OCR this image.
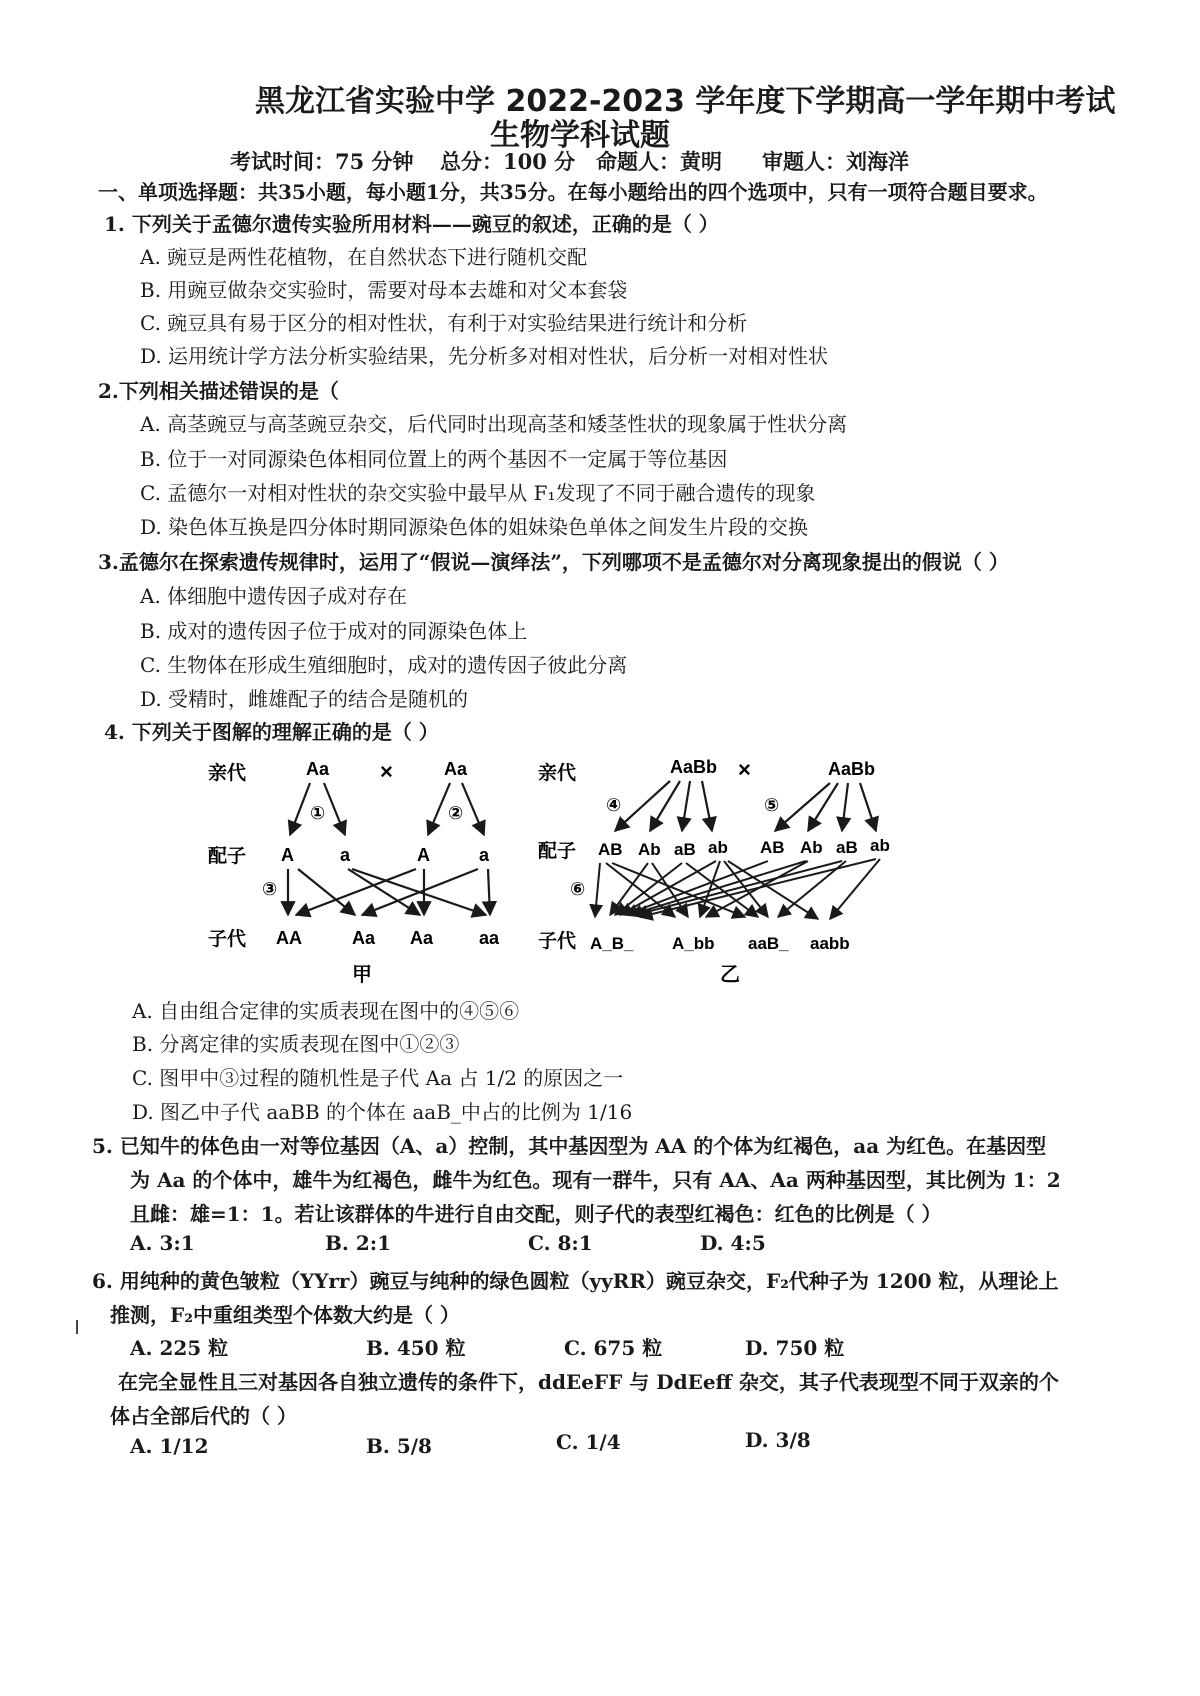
黑龙江省实验中学 2022-2023 学年度下学期高一学年期中考试
生物学科试题
考试时间：75 分钟 总分：100 分 命题人：黄明 审题人：刘海洋
一、单项选择题：共35小题，每小题1分，共35分。在每小题给出的四个选项中，只有一项符合题目要求。
1. 下列关于孟德尔遗传实验所用材料——豌豆的叙述，正确的是（ ）
A. 豌豆是两性花植物，在自然状态下进行随机交配
B. 用豌豆做杂交实验时，需要对母本去雄和对父本套袋
C. 豌豆具有易于区分的相对性状，有利于对实验结果进行统计和分析
D. 运用统计学方法分析实验结果，先分析多对相对性状，后分析一对相对性状
2.下列相关描述错误的是（
A. 高茎豌豆与高茎豌豆杂交，后代同时出现高茎和矮茎性状的现象属于性状分离
B. 位于一对同源染色体相同位置上的两个基因不一定属于等位基因
C. 孟德尔一对相对性状的杂交实验中最早从 F₁发现了不同于融合遗传的现象
D. 染色体互换是四分体时期同源染色体的姐妹染色单体之间发生片段的交换
3.孟德尔在探索遗传规律时，运用了“假说—演绎法”，下列哪项不是孟德尔对分离现象提出的假说（ ）
A. 体细胞中遗传因子成对存在
B. 成对的遗传因子位于成对的同源染色体上
C. 生物体在形成生殖细胞时，成对的遗传因子彼此分离
D. 受精时，雌雄配子的结合是随机的
4. 下列关于图解的理解正确的是（ ）
亲代
配子
子代
Aa ×	Aa
①	②
A	a	A	a
③
AA	Aa Aa	aa
甲
亲代
配子
子代
AaBb ×	AaBb
④	⑤
AB Ab aB ab AB Ab aB ab
⑥
A_B_ A_bb aaB_ aabb
乙
A. 自由组合定律的实质表现在图中的④⑤⑥
B. 分离定律的实质表现在图中①②③
C. 图甲中③过程的随机性是子代 Aa 占 1/2 的原因之一
D. 图乙中子代 aaBB 的个体在 aaB_中占的比例为 1/16
5. 已知牛的体色由一对等位基因（A、a）控制，其中基因型为 AA 的个体为红褐色，aa 为红色。在基因型
为 Aa 的个体中，雄牛为红褐色，雌牛为红色。现有一群牛，只有 AA、Aa 两种基因型，其比例为 1：2
且雌：雄=1：1。若让该群体的牛进行自由交配，则子代的表型红褐色：红色的比例是（ ）
A. 3:1	B. 2:1	C. 8:1	D. 4:5
6. 用纯种的黄色皱粒（YYrr）豌豆与纯种的绿色圆粒（yyRR）豌豆杂交，F₂代种子为 1200 粒，从理论上
推测，F₂中重组类型个体数大约是（ ）
A. 225 粒	B. 450 粒	C. 675 粒	D. 750 粒
在完全显性且三对基因各自独立遗传的条件下，ddEeFF 与 DdEeff 杂交，其子代表现型不同于双亲的个
体占全部后代的（ ）
A. 1/12	B. 5/8	C. 1/4	D. 3/8
